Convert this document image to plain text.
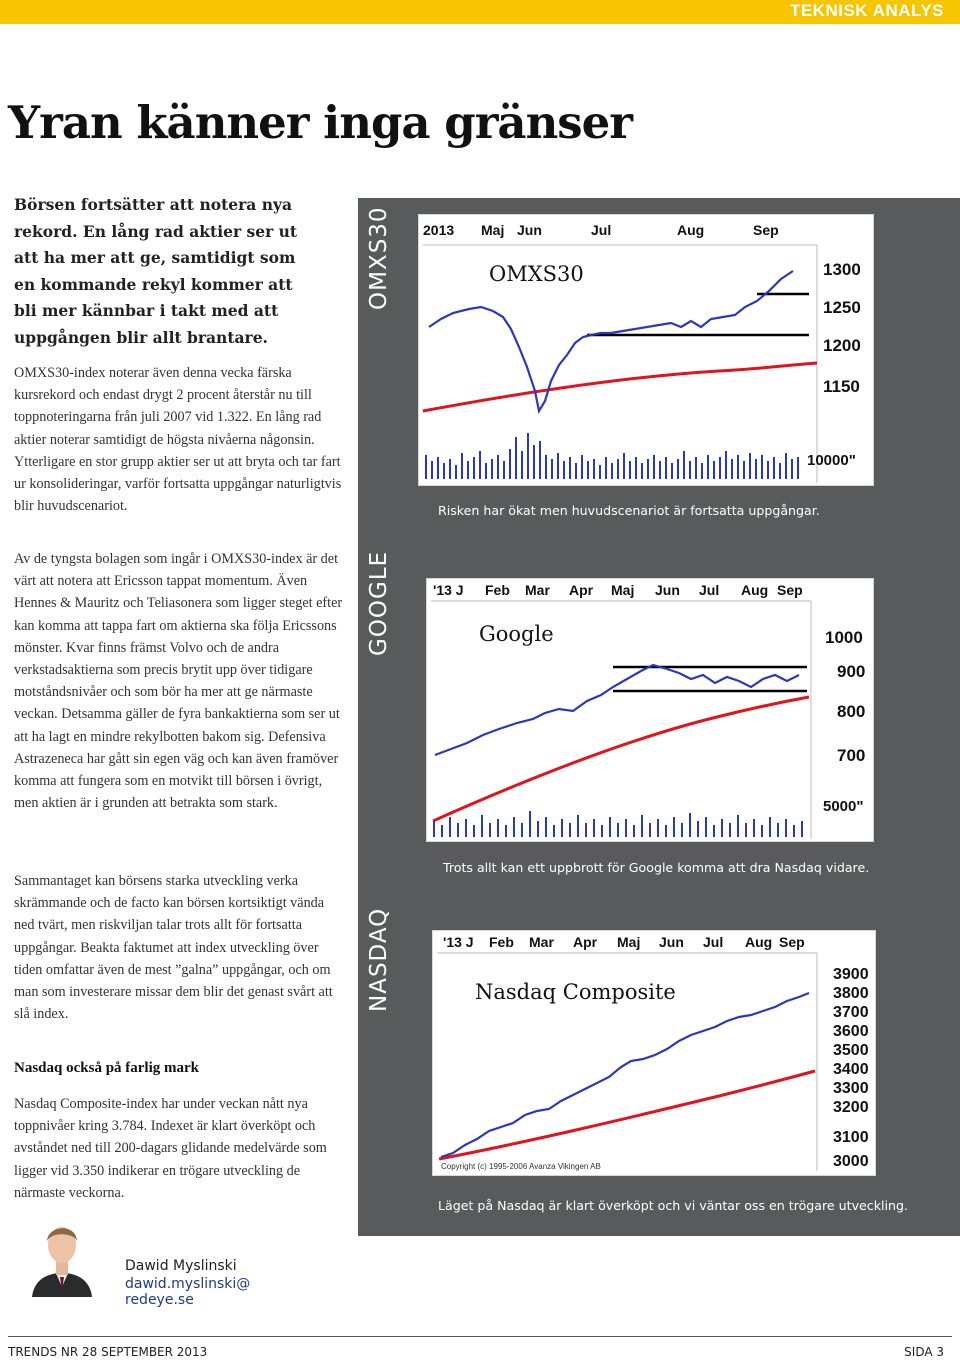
TEKNISK ANALYS
Yran känner inga gränser
Börsen fortsätter att notera nya rekord. En lång rad aktier ser ut att ha mer att ge, samtidigt som en kommande rekyl kommer att bli mer kännbar i takt med att uppgången blir allt brantare.

OMXS30-index noterar även denna vecka färska kursrekord och endast drygt 2 procent återstår nu till toppnoteringarna från juli 2007 vid 1.322. En lång rad aktier noterar samtidigt de högsta nivåerna någonsin. Ytterligare en stor grupp aktier ser ut att bryta och tar fart ur konsolideringar, varför fortsatta uppgångar naturligtvis blir huvudscenariot.

Av de tyngsta bolagen som ingår i OMXS30-index är det värt att notera att Ericsson tappat momentum. Även Hennes & Mauritz och Teliasonera som ligger steget efter kan komma att tappa fart om aktierna ska följa Ericssons mönster. Kvar finns främst Volvo och de andra verkstadsaktierna som precis brytit upp över tidigare motståndsnivåer och som bör ha mer att ge närmaste veckan. Detsamma gäller de fyra bankaktierna som ser ut att ha lagt en mindre rekylbotten bakom sig. Defensiva Astrazeneca har gått sin egen väg och kan även framöver komma att fungera som en motvikt till börsen i övrigt, men aktien är i grunden att betrakta som stark.

Sammantaget kan börsens starka utveckling verka skrämmande och de facto kan börsen kortsiktigt vända ned tvärt, men riskviljan talar trots allt för fortsatta uppgångar. Beakta faktumet att index utveckling över tiden omfattar även de mest ”galna” uppgångar, och om man som investerare missar dem blir det genast svårt att slå index.

Nasdaq också på farlig mark

Nasdaq Composite-index har under veckan nått nya toppnivåer kring 3.784. Indexet är klart överköpt och avståndet ned till 200-dagars glidande medelvärde som ligger vid 3.350 indikerar en trögare utveckling de närmaste veckorna.

OMXS30
GOOGLE
NASDAQ
2013 Maj Jun	Jul	Aug	Sep
OMXS30	1300
1250
1200
1150
10000"
Risken har ökat men huvudscenariot är fortsatta uppgångar.
'13 J Feb Mar Apr Maj Jun Jul Aug Sep
Google	1000
900
800
700
5000"
Trots allt kan ett uppbrott för Google komma att dra Nasdaq vidare.
'13 J Feb Mar Apr Maj Jun Jul Aug Sep
Nasdaq Composite
3900
3800
3700
3600
3500
3400
3300
3200
3100
3000
Copyright (c) 1995-2006 Avanza Vikingen AB
Läget på Nasdaq är klart överköpt och vi väntar oss en trögare utveckling.
Dawid Myslinski
dawid.myslinski@
redeye.se
TRENDS NR 28 SEPTEMBER 2013	SIDA 3
